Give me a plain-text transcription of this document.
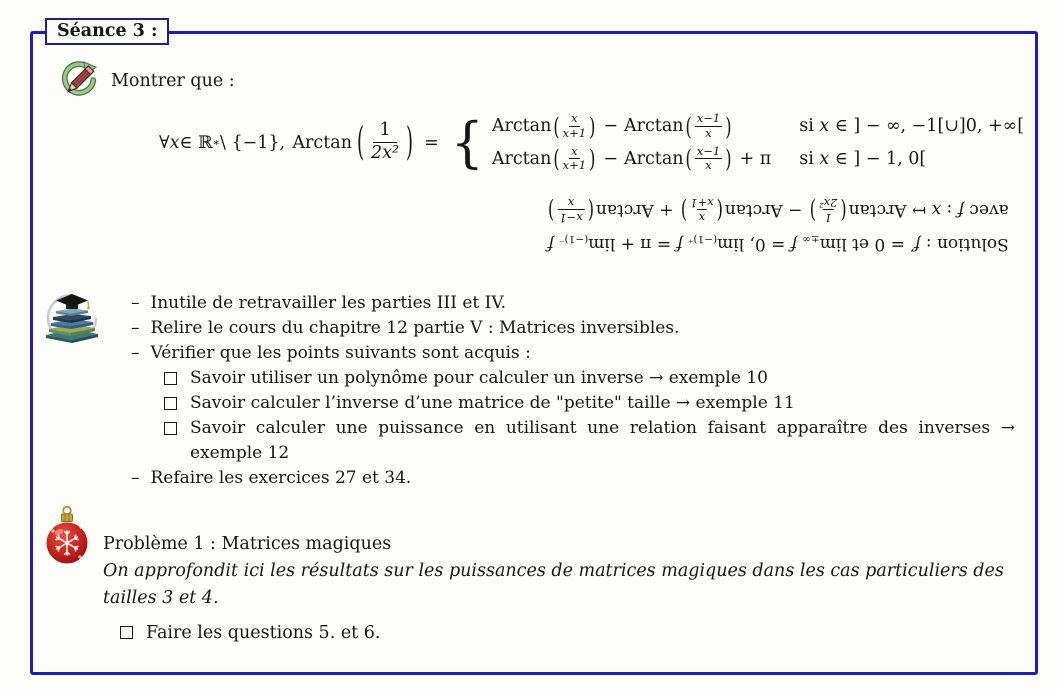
Séance 3 :
Montrer que :
∀ x ∈ ℝ ∗ \ {−1}, Arctan ( $\frac{1}{\text{2x²}}$ ) = { Arctan ( x
x+1 ) − Arctan ( x−1
x )	si x ∈ ] − ∞, −1[∪]0, +∞[
Arctan ( x
x+1 ) − Arctan ( x−1
x ) + π si x ∈ ] − 1, 0[
Solution : f′ = 0 et $\lim_{\pm\infty}f = 0$, $\lim_{(-1)^+}f = \pi + \lim_{(-1)^-}f$
avec f : x ↦ Arctan(
1
2x²
) − Arctan(
x
x+1
) + Arctan(
x−1
x
)
– Inutile de retravailler les parties III et IV.
– Relire le cours du chapitre 12 partie V : Matrices inversibles.
– Vérifier que les points suivants sont acquis :
Savoir utiliser un polynôme pour calculer un inverse → exemple 10
Savoir calculer l’inverse d’une matrice de "petite" taille → exemple 11
Savoir calculer une puissance en utilisant une relation faisant apparaître des inverses → exemple 12
– Refaire les exercices 27 et 34.
Problème 1 : Matrices magiques
On approfondit ici les résultats sur les puissances de matrices magiques dans les cas particuliers des tailles 3 et 4.
Faire les questions 5. et 6.
